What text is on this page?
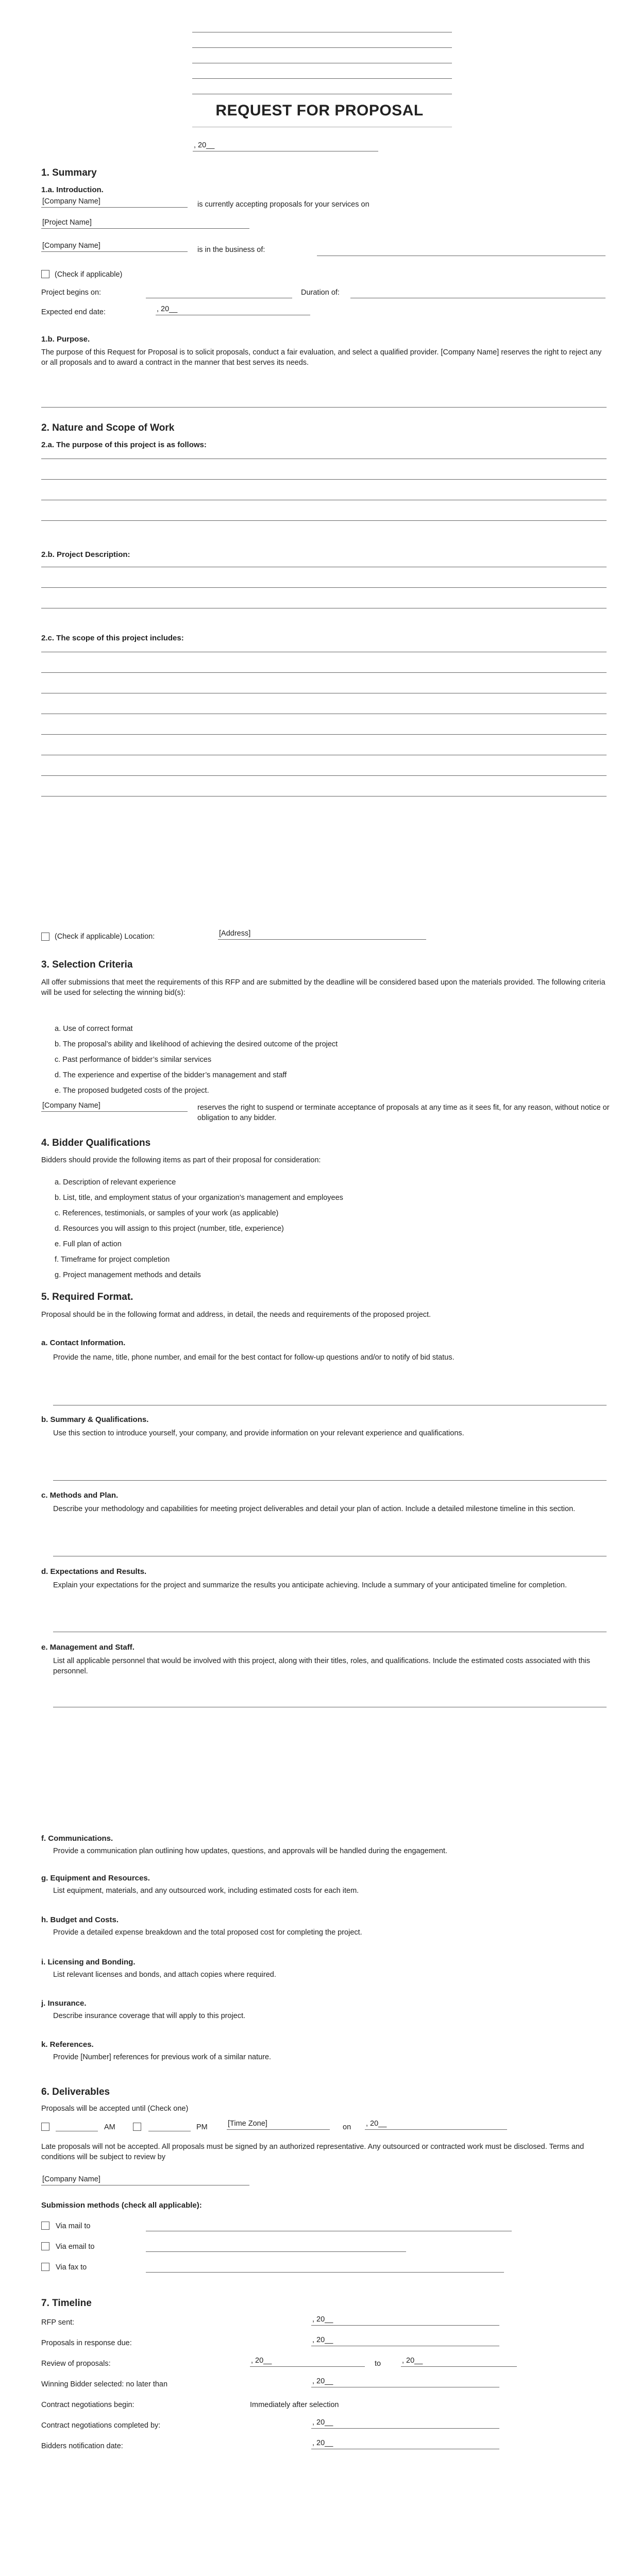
REQUEST FOR PROPOSAL
, 20__
1. Summary
1.a. Introduction.
[Company Name]	is currently accepting proposals for your services on
[Project Name]
[Company Name]	is in the business of:
(Check if applicable)
Project begins on:	Duration of:
Expected end date:	, 20__
1.b. Purpose.
The purpose of this Request for Proposal is to solicit proposals, conduct a fair evaluation, and select a qualified provider. [Company Name] reserves the right to reject any or all proposals and to award a contract in the manner that best serves its needs.
2. Nature and Scope of Work
2.a. The purpose of this project is as follows:
2.b. Project Description:
2.c. The scope of this project includes:
(Check if applicable) Location:	[Address]
3. Selection Criteria
All offer submissions that meet the requirements of this RFP and are submitted by the deadline will be considered based upon the materials provided. The following criteria will be used for selecting the winning bid(s):
a. Use of correct format
b. The proposal’s ability and likelihood of achieving the desired outcome of the project
c. Past performance of bidder’s similar services
d. The experience and expertise of the bidder’s management and staff
e. The proposed budgeted costs of the project.
[Company Name]	reserves the right to suspend or terminate acceptance of proposals at any time as it sees fit, for any reason, without notice or obligation to any bidder.
4. Bidder Qualifications
Bidders should provide the following items as part of their proposal for consideration:
a. Description of relevant experience
b. List, title, and employment status of your organization’s management and employees
c. References, testimonials, or samples of your work (as applicable)
d. Resources you will assign to this project (number, title, experience)
e. Full plan of action
f. Timeframe for project completion
g. Project management methods and details
5. Required Format.
Proposal should be in the following format and address, in detail, the needs and requirements of the proposed project.
a. Contact Information.
Provide the name, title, phone number, and email for the best contact for follow-up questions and/or to notify of bid status.
b. Summary & Qualifications.
Use this section to introduce yourself, your company, and provide information on your relevant experience and qualifications.
c. Methods and Plan.
Describe your methodology and capabilities for meeting project deliverables and detail your plan of action. Include a detailed milestone timeline in this section.
d. Expectations and Results.
Explain your expectations for the project and summarize the results you anticipate achieving. Include a summary of your anticipated timeline for completion.
e. Management and Staff.
List all applicable personnel that would be involved with this project, along with their titles, roles, and qualifications. Include the estimated costs associated with this personnel.
f. Communications.
Provide a communication plan outlining how updates, questions, and approvals will be handled during the engagement.
g. Equipment and Resources.
List equipment, materials, and any outsourced work, including estimated costs for each item.
h. Budget and Costs.
Provide a detailed expense breakdown and the total proposed cost for completing the project.
i. Licensing and Bonding.
List relevant licenses and bonds, and attach copies where required.
j. Insurance.
Describe insurance coverage that will apply to this project.
k. References.
Provide [Number] references for previous work of a similar nature.
6. Deliverables
Proposals will be accepted until (Check one)
AM	PM	[Time Zone]	on , 20__
Late proposals will not be accepted. All proposals must be signed by an authorized representative. Any outsourced or contracted work must be disclosed. Terms and conditions will be subject to review by
[Company Name]
Submission methods (check all applicable):
Via mail to
Via email to
Via fax to
7. Timeline
RFP sent:	, 20__
Proposals in response due:	, 20__
Review of proposals:	, 20__	to	, 20__
Winning Bidder selected: no later than	, 20__
Contract negotiations begin:	Immediately after selection
Contract negotiations completed by:	, 20__
Bidders notification date:	, 20__
